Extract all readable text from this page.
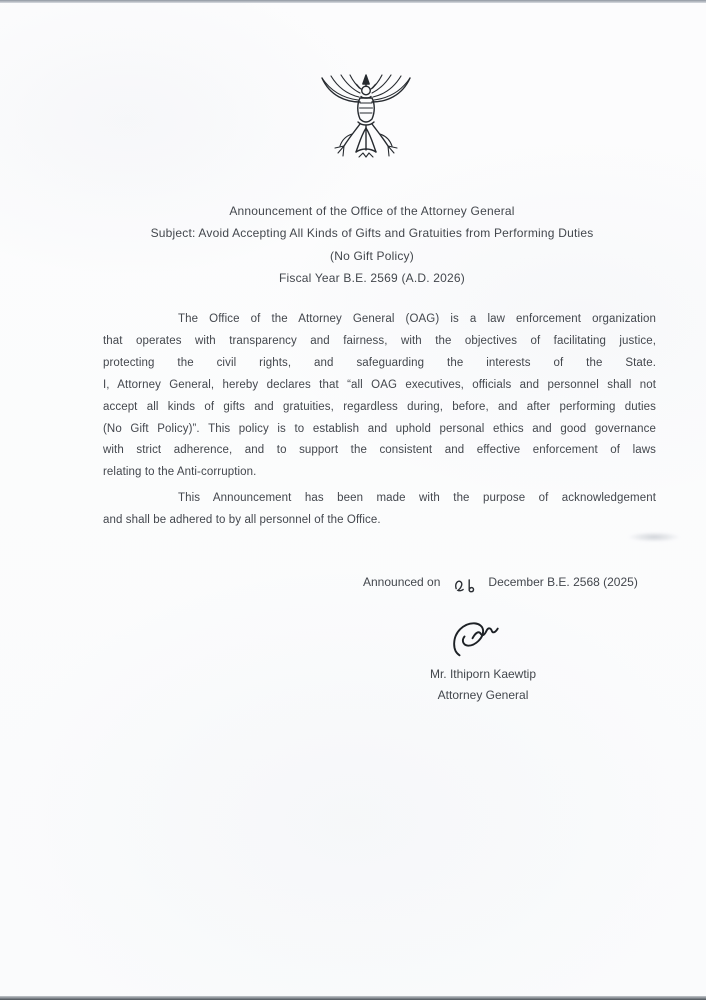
Announcement of the Office of the Attorney General
Subject: Avoid Accepting All Kinds of Gifts and Gratuities from Performing Duties
(No Gift Policy)
Fiscal Year B.E. 2569 (A.D. 2026)
The Office of the Attorney General (OAG) is a law enforcement organization
that operates with transparency and fairness, with the objectives of facilitating justice,
protecting the civil rights, and safeguarding the interests of the State.
I, Attorney General, hereby declares that “all OAG executives, officials and personnel shall not
accept all kinds of gifts and gratuities, regardless during, before, and after performing duties
(No Gift Policy)”. This policy is to establish and uphold personal ethics and good governance
with strict adherence, and to support the consistent and effective enforcement of laws
relating to the Anti-corruption.
This Announcement has been made with the purpose of acknowledgement
and shall be adhered to by all personnel of the Office.
Announced on	December B.E. 2568 (2025)
Mr. Ithiporn Kaewtip
Attorney General
